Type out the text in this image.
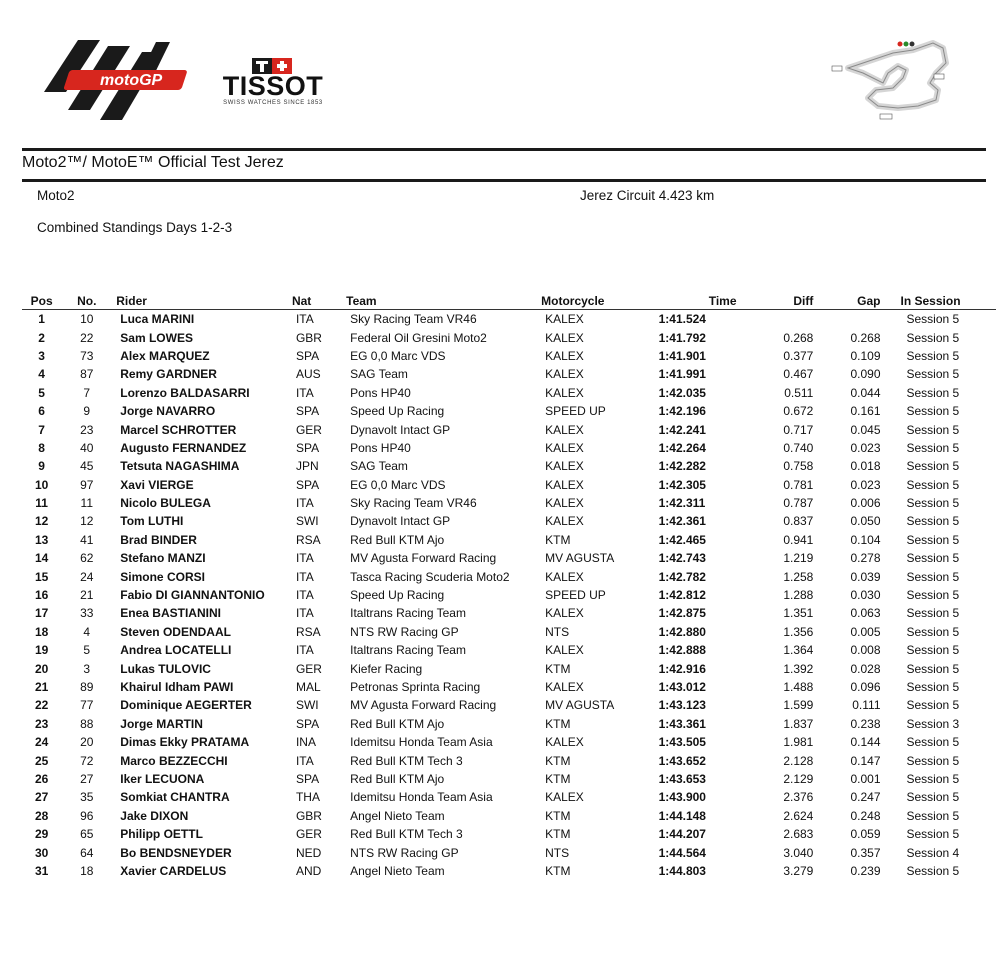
motoGP TISSOT
SWISS WATCHES SINCE 1853
Moto2™/ MotoE™ Official Test Jerez
Moto2	Jerez Circuit 4.423 km
Combined Standings Days 1-2-3
Pos	No.	Rider	Nat	Team	Motorcycle	Time	Diff	Gap	In Session
1	10	Luca MARINI	ITA	Sky Racing Team VR46	KALEX	1:41.524			Session 5
2	22	Sam LOWES	GBR	Federal Oil Gresini Moto2	KALEX	1:41.792	0.268	0.268	Session 5
3	73	Alex MARQUEZ	SPA	EG 0,0 Marc VDS	KALEX	1:41.901	0.377	0.109	Session 5
4	87	Remy GARDNER	AUS	SAG Team	KALEX	1:41.991	0.467	0.090	Session 5
5	7	Lorenzo BALDASARRI	ITA	Pons HP40	KALEX	1:42.035	0.511	0.044	Session 5
6	9	Jorge NAVARRO	SPA	Speed Up Racing	SPEED UP	1:42.196	0.672	0.161	Session 5
7	23	Marcel SCHROTTER	GER	Dynavolt Intact GP	KALEX	1:42.241	0.717	0.045	Session 5
8	40	Augusto FERNANDEZ	SPA	Pons HP40	KALEX	1:42.264	0.740	0.023	Session 5
9	45	Tetsuta NAGASHIMA	JPN	SAG Team	KALEX	1:42.282	0.758	0.018	Session 5
10	97	Xavi VIERGE	SPA	EG 0,0 Marc VDS	KALEX	1:42.305	0.781	0.023	Session 5
11	11	Nicolo BULEGA	ITA	Sky Racing Team VR46	KALEX	1:42.311	0.787	0.006	Session 5
12	12	Tom LUTHI	SWI	Dynavolt Intact GP	KALEX	1:42.361	0.837	0.050	Session 5
13	41	Brad BINDER	RSA	Red Bull KTM Ajo	KTM	1:42.465	0.941	0.104	Session 5
14	62	Stefano MANZI	ITA	MV Agusta Forward Racing	MV AGUSTA	1:42.743	1.219	0.278	Session 5
15	24	Simone CORSI	ITA	Tasca Racing Scuderia Moto2	KALEX	1:42.782	1.258	0.039	Session 5
16	21	Fabio DI GIANNANTONIO	ITA	Speed Up Racing	SPEED UP	1:42.812	1.288	0.030	Session 5
17	33	Enea BASTIANINI	ITA	Italtrans Racing Team	KALEX	1:42.875	1.351	0.063	Session 5
18	4	Steven ODENDAAL	RSA	NTS RW Racing GP	NTS	1:42.880	1.356	0.005	Session 5
19	5	Andrea LOCATELLI	ITA	Italtrans Racing Team	KALEX	1:42.888	1.364	0.008	Session 5
20	3	Lukas TULOVIC	GER	Kiefer Racing	KTM	1:42.916	1.392	0.028	Session 5
21	89	Khairul Idham PAWI	MAL	Petronas Sprinta Racing	KALEX	1:43.012	1.488	0.096	Session 5
22	77	Dominique AEGERTER	SWI	MV Agusta Forward Racing	MV AGUSTA	1:43.123	1.599	0.111	Session 5
23	88	Jorge MARTIN	SPA	Red Bull KTM Ajo	KTM	1:43.361	1.837	0.238	Session 3
24	20	Dimas Ekky PRATAMA	INA	Idemitsu Honda Team Asia	KALEX	1:43.505	1.981	0.144	Session 5
25	72	Marco BEZZECCHI	ITA	Red Bull KTM Tech 3	KTM	1:43.652	2.128	0.147	Session 5
26	27	Iker LECUONA	SPA	Red Bull KTM Ajo	KTM	1:43.653	2.129	0.001	Session 5
27	35	Somkiat CHANTRA	THA	Idemitsu Honda Team Asia	KALEX	1:43.900	2.376	0.247	Session 5
28	96	Jake DIXON	GBR	Angel Nieto Team	KTM	1:44.148	2.624	0.248	Session 5
29	65	Philipp OETTL	GER	Red Bull KTM Tech 3	KTM	1:44.207	2.683	0.059	Session 5
30	64	Bo BENDSNEYDER	NED	NTS RW Racing GP	NTS	1:44.564	3.040	0.357	Session 4
31	18	Xavier CARDELUS	AND	Angel Nieto Team	KTM	1:44.803	3.279	0.239	Session 5
